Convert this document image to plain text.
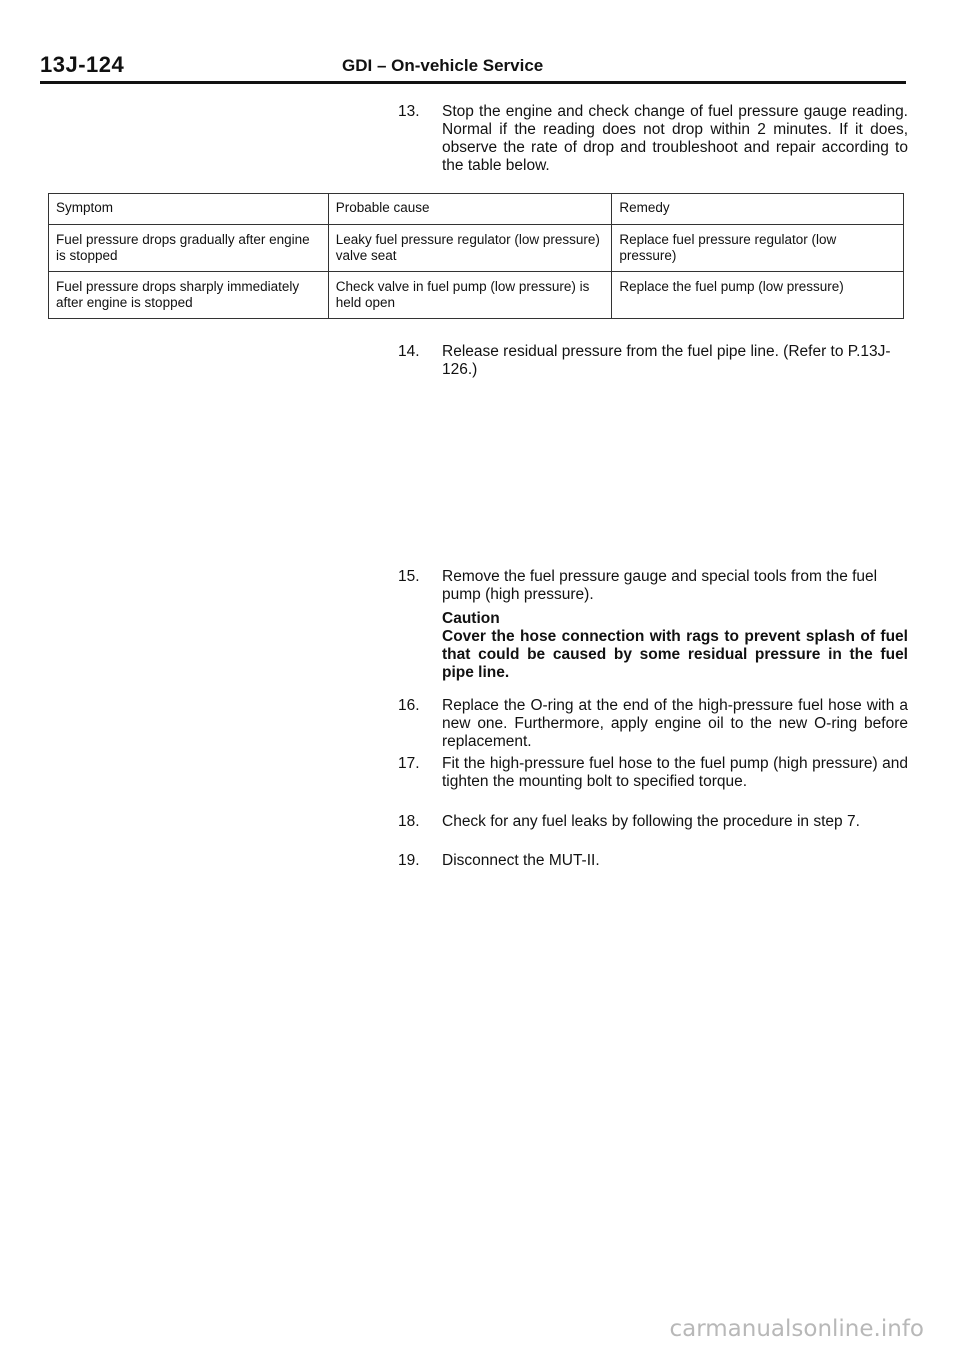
13J-124	GDI – On-vehicle Service
13. Stop the engine and check change of fuel pressure gauge reading. Normal if the reading does not drop within 2 minutes. If it does, observe the rate of drop and troubleshoot and repair according to the table below.
Symptom	Probable cause	Remedy
Fuel pressure drops gradually after engine is stopped	Leaky fuel pressure regulator (low pressure) valve seat	Replace fuel pressure regulator (low pressure)
Fuel pressure drops sharply immediately after engine is stopped	Check valve in fuel pump (low pressure) is held open	Replace the fuel pump (low pressure)
14. Release residual pressure from the fuel pipe line. (Refer to P.13J-126.)
15. Remove the fuel pressure gauge and special tools from the fuel pump (high pressure).
Caution
Cover the hose connection with rags to prevent splash of fuel that could be caused by some residual pressure in the fuel pipe line.
16. Replace the O-ring at the end of the high-pressure fuel hose with a new one. Furthermore, apply engine oil to the new O-ring before replacement.
17. Fit the high-pressure fuel hose to the fuel pump (high pressure) and tighten the mounting bolt to specified torque.
18. Check for any fuel leaks by following the procedure in step 7.
19. Disconnect the MUT-II.
carmanualsonline.info
